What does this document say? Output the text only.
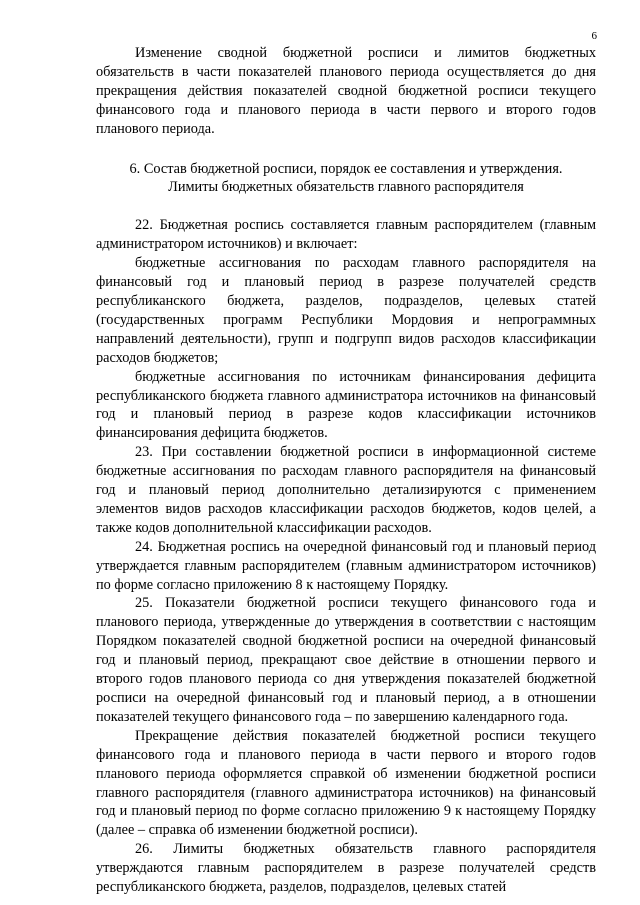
6

Изменение сводной бюджетной росписи и лимитов бюджетных обязательств в части показателей планового периода осуществляется до дня прекращения действия показателей сводной бюджетной росписи текущего финансового года и планового периода в части первого и второго годов планового периода.

6. Состав бюджетной росписи, порядок ее составления и утверждения.
Лимиты бюджетных обязательств главного распорядителя

22. Бюджетная роспись составляется главным распорядителем (главным администратором источников) и включает:

бюджетные ассигнования по расходам главного распорядителя на финансовый год и плановый период в разрезе получателей средств республиканского бюджета, разделов, подразделов, целевых статей (государственных программ Республики Мордовия и непрограммных направлений деятельности), групп и подгрупп видов расходов классификации расходов бюджетов;

бюджетные ассигнования по источникам финансирования дефицита республиканского бюджета главного администратора источников на финансовый год и плановый период в разрезе кодов классификации источников финансирования дефицита бюджетов.

23. При составлении бюджетной росписи в информационной системе бюджетные ассигнования по расходам главного распорядителя на финансовый год и плановый период дополнительно детализируются с применением элементов видов расходов классификации расходов бюджетов, кодов целей, а также кодов дополнительной классификации расходов.

24. Бюджетная роспись на очередной финансовый год и плановый период утверждается главным распорядителем (главным администратором источников) по форме согласно приложению 8 к настоящему Порядку.

25. Показатели бюджетной росписи текущего финансового года и планового периода, утвержденные до утверждения в соответствии с настоящим Порядком показателей сводной бюджетной росписи на очередной финансовый год и плановый период, прекращают свое действие в отношении первого и второго годов планового периода со дня утверждения показателей бюджетной росписи на очередной финансовый год и плановый период, а в отношении показателей текущего финансового года – по завершению календарного года.

Прекращение действия показателей бюджетной росписи текущего финансового года и планового периода в части первого и второго годов планового периода оформляется справкой об изменении бюджетной росписи главного распорядителя (главного администратора источников) на финансовый год и плановый период по форме согласно приложению 9 к настоящему Порядку (далее – справка об изменении бюджетной росписи).

26. Лимиты бюджетных обязательств главного распорядителя утверждаются главным распорядителем в разрезе получателей средств республиканского бюджета, разделов, подразделов, целевых статей
